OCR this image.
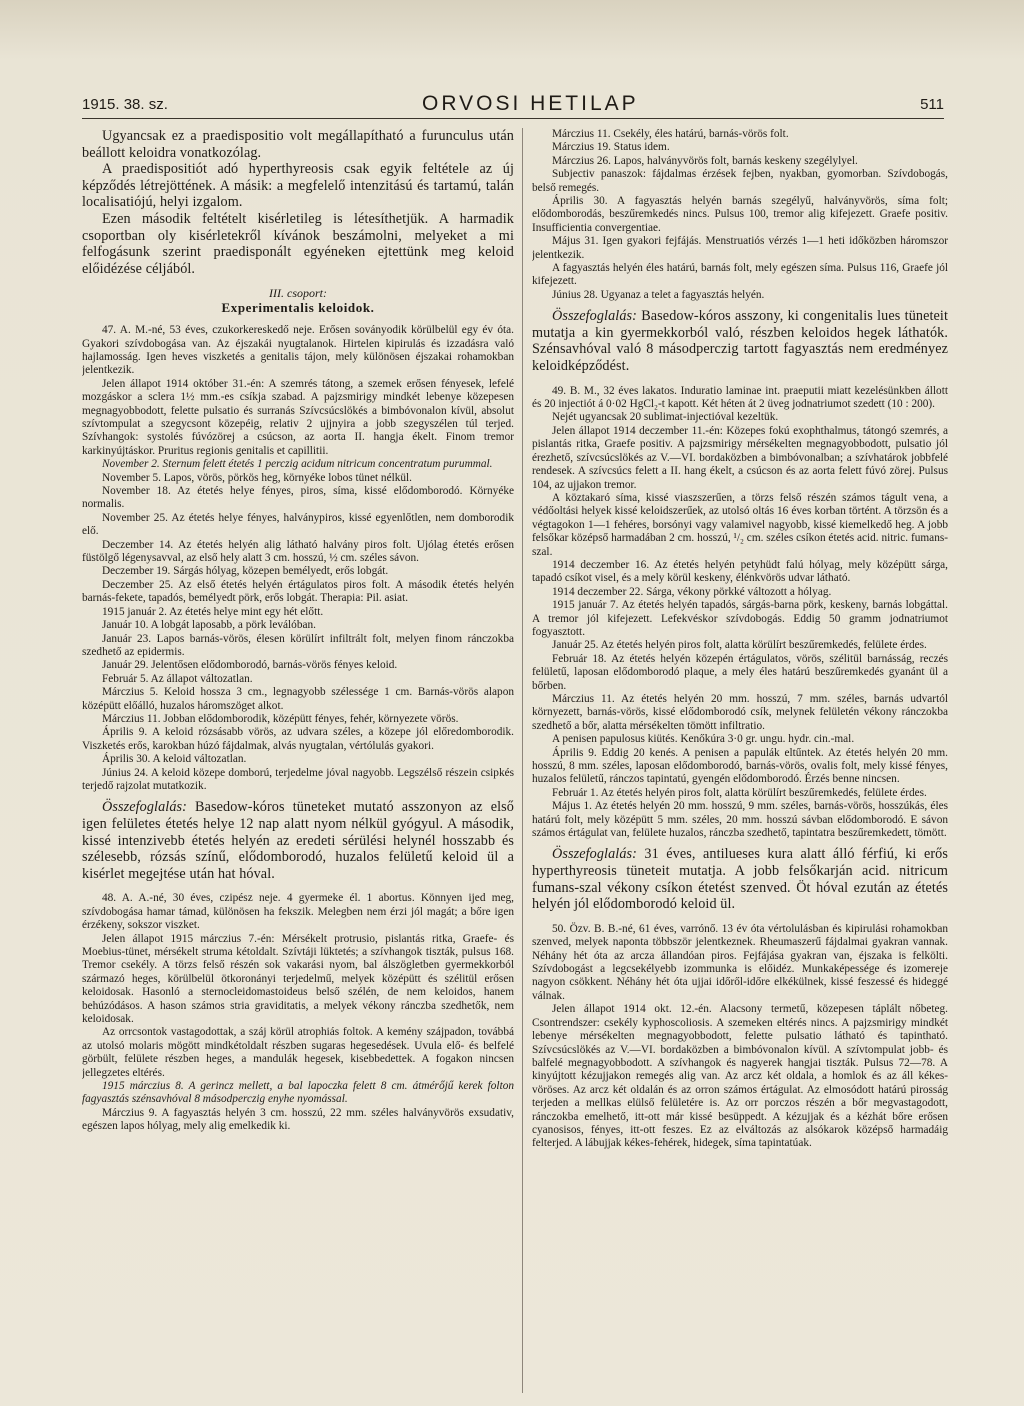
1915. 38. sz.	ORVOSI HETILAP	511

Ugyancsak ez a praedispositio volt megállapítható a furunculus után beállott keloidra vonatkozólag.

A praedispositiót adó hyperthyreosis csak egyik feltétele az új képződés létrejöttének. A másik: a megfelelő intenzitású és tartamú, talán localisatiójú, helyi izgalom.

Ezen második feltételt kisérletileg is létesíthetjük. A harmadik csoportban oly kisérletekről kívánok beszámolni, melyeket a mi felfogásunk szerint praedisponált egyéneken ejtettünk meg keloid előidézése céljából.

III. csoport:

Experimentalis keloidok.

47. A. M.-né, 53 éves, czukorkereskedő neje. Erősen soványodik körülbelül egy év óta. Gyakori szívdobogása van. Az éjszakái nyugtalanok. Hirtelen kipirulás és izzadásra való hajlamosság. Igen heves viszketés a genitalis tájon, mely különösen éjszakai rohamokban jelentkezik.

Jelen állapot 1914 október 31.-én: A szemrés tátong, a szemek erősen fényesek, lefelé mozgáskor a sclera 1½ mm.-es csíkja szabad. A pajzsmirigy mindkét lebenye közepesen megnagyobbodott, felette pulsatio és surranás Szívcsúcslökés a bimbóvonalon kívül, absolut szívtompulat a szegycsont közepéig, relativ 2 ujjnyira a jobb szegyszélen túl terjed. Szívhangok: systolés fúvózörej a csúcson, az aorta II. hangja ékelt. Finom tremor karkinyújtáskor. Pruritus regionis genitalis et capillitii.

November 2. Sternum felett étetés 1 perczig acidum nitricum concentratum purummal.

November 5. Lapos, vörös, pörkös heg, környéke lobos tünet nélkül.

November 18. Az étetés helye fényes, piros, síma, kissé elődomborodó. Környéke normalis.

November 25. Az étetés helye fényes, halványpiros, kissé egyenlőtlen, nem domborodik elő.

Deczember 14. Az étetés helyén alig látható halvány piros folt. Ujólag étetés erősen füstölgő légenysavval, az első hely alatt 3 cm. hosszú, ½ cm. széles sávon.

Deczember 19. Sárgás hólyag, közepen bemélyedt, erős lobgát.

Deczember 25. Az első étetés helyén értágulatos piros folt. A második étetés helyén barnás-fekete, tapadós, bemélyedt pörk, erős lobgát. Therapia: Pil. asiat.

1915 január 2. Az étetés helye mint egy hét előtt.

Január 10. A lobgát laposabb, a pörk leválóban.

Január 23. Lapos barnás-vörös, élesen körülírt infiltrált folt, melyen finom ránczokba szedhető az epidermis.

Január 29. Jelentősen elődomborodó, barnás-vörös fényes keloid.

Február 5. Az állapot változatlan.

Márczius 5. Keloid hossza 3 cm., legnagyobb szélessége 1 cm. Barnás-vörös alapon középütt előálló, huzalos háromszöget alkot.

Márczius 11. Jobban elődomborodik, középütt fényes, fehér, környezete vörös.

Április 9. A keloid rózsásabb vörös, az udvara széles, a közepe jól előredomborodik. Viszketés erős, karokban húzó fájdalmak, alvás nyugtalan, vértólulás gyakori.

Április 30. A keloid változatlan.

Június 24. A keloid közepe domború, terjedelme jóval nagyobb. Legszélső részein csipkés terjedő rajzolat mutatkozik.

Összefoglalás: Basedow-kóros tüneteket mutató asszonyon az első igen felületes étetés helye 12 nap alatt nyom nélkül gyógyul. A második, kissé intenzivebb étetés helyén az eredeti sérülési helynél hosszabb és szélesebb, rózsás színű, elődomborodó, huzalos felületű keloid ül a kisérlet megejtése után hat hóval.

48. A. A.-né, 30 éves, czipész neje. 4 gyermeke él. 1 abortus. Könnyen ijed meg, szívdobogása hamar támad, különösen ha fekszik. Melegben nem érzi jól magát; a bőre igen érzékeny, sokszor viszket.

Jelen állapot 1915 márczius 7.-én: Mérsékelt protrusio, pislantás ritka, Graefe- és Moebius-tünet, mérsékelt struma kétoldalt. Szívtáji lüktetés; a szívhangok tiszták, pulsus 168. Tremor csekély. A törzs felső részén sok vakarási nyom, bal álszögletben gyermekkorból származó heges, körülbelül ötkoronányi terjedelmű, melyek középütt és szélitül erősen keloidosak. Hasonló a sternocleidomastoideus belső szélén, de nem keloidos, hanem behúzódásos. A hason számos stria graviditatis, a melyek vékony ránczba szedhetők, nem keloidosak.

Az orrcsontok vastagodottak, a száj körül atrophiás foltok. A kemény szájpadon, továbbá az utolsó molaris mögött mindkétoldalt részben sugaras hegesedések. Uvula elő- és belfelé görbült, felülete részben heges, a mandulák hegesek, kisebbedettek. A fogakon nincsen jellegzetes eltérés.

1915 márczius 8. A gerincz mellett, a bal lapoczka felett 8 cm. átmérőjű kerek folton fagyasztás szénsavhóval 8 másodperczig enyhe nyomással.

Márczius 9. A fagyasztás helyén 3 cm. hosszú, 22 mm. széles halványvörös exsudativ, egészen lapos hólyag, mely alig emelkedik ki.

Márczius 11. Csekély, éles határú, barnás-vörös folt.

Márczius 19. Status idem.

Márczius 26. Lapos, halványvörös folt, barnás keskeny szegélylyel.

Subjectiv panaszok: fájdalmas érzések fejben, nyakban, gyomorban. Szívdobogás, belső remegés.

Április 30. A fagyasztás helyén barnás szegélyű, halványvörös, síma folt; elődomborodás, beszűremkedés nincs. Pulsus 100, tremor alig kifejezett. Graefe positiv. Insufficientia convergentiae.

Május 31. Igen gyakori fejfájás. Menstruatiós vérzés 1—1 heti időközben háromszor jelentkezik.

A fagyasztás helyén éles határú, barnás folt, mely egészen síma. Pulsus 116, Graefe jól kifejezett.

Június 28. Ugyanaz a telet a fagyasztás helyén.

Összefoglalás: Basedow-kóros asszony, ki congenitalis lues tüneteit mutatja a kin gyermekkorból való, részben keloidos hegek láthatók. Szénsavhóval való 8 másodperczig tartott fagyasztás nem eredményez keloidképződést.

49. B. M., 32 éves lakatos. Induratio laminae int. praeputii miatt kezelésünkben állott és 20 injectiót á 0·02 HgCl₂-t kapott. Két héten át 2 üveg jodnatriumot szedett (10 : 200).

Nejét ugyancsak 20 sublimat-injectióval kezeltük.

Jelen állapot 1914 deczember 11.-én: Közepes fokú exophthalmus, tátongó szemrés, a pislantás ritka, Graefe positiv. A pajzsmirigy mérsékelten megnagyobbodott, pulsatio jól érezhető, szívcsúcslökés az V.—VI. bordaközben a bimbóvonalban; a szívhatárok jobbfelé rendesek. A szívcsúcs felett a II. hang ékelt, a csúcson és az aorta felett fúvó zörej. Pulsus 104, az ujjakon tremor.

A köztakaró síma, kissé viaszszerűen, a törzs felső részén számos tágult vena, a védőoltási helyek kissé keloidszerűek, az utolsó oltás 16 éves korban történt. A törzsön és a végtagokon 1—1 fehéres, borsónyi vagy valamivel nagyobb, kissé kiemelkedő heg. A jobb felsőkar középső harmadában 2 cm. hosszú, ¹/₂ cm. széles csíkon étetés acid. nitric. fumans-szal.

1914 deczember 16. Az étetés helyén petyhüdt falú hólyag, mely középütt sárga, tapadó csíkot visel, és a mely körül keskeny, élénkvörös udvar látható.

1914 deczember 22. Sárga, vékony pörkké változott a hólyag.

1915 január 7. Az étetés helyén tapadós, sárgás-barna pörk, keskeny, barnás lobgáttal. A tremor jól kifejezett. Lefekvéskor szívdobogás. Eddig 50 gramm jodnatriumot fogyasztott.

Január 25. Az étetés helyén piros folt, alatta körülírt beszűremkedés, felülete érdes.

Február 18. Az étetés helyén közepén értágulatos, vörös, szélitül barnásság, reczés felületű, laposan elődomborodó plaque, a mely éles határú beszűremkedés gyanánt ül a bőrben.

Márczius 11. Az étetés helyén 20 mm. hosszú, 7 mm. széles, barnás udvartól környezett, barnás-vörös, kissé elődomborodó csík, melynek felületén vékony ránczokba szedhető a bőr, alatta mérsékelten tömött infiltratio.

A penisen papulosus kiütés. Kenőkúra 3·0 gr. ungu. hydr. cin.-mal.

Április 9. Eddig 20 kenés. A penisen a papulák eltűntek. Az étetés helyén 20 mm. hosszú, 8 mm. széles, laposan elődomborodó, barnás-vörös, ovalis folt, mely kissé fényes, huzalos felületű, ránczos tapintatú, gyengén elődomborodó. Érzés benne nincsen.

Február 1. Az étetés helyén piros folt, alatta körülírt beszűremkedés, felülete érdes.

Május 1. Az étetés helyén 20 mm. hosszú, 9 mm. széles, barnás-vörös, hosszúkás, éles határú folt, mely középütt 5 mm. széles, 20 mm. hosszú sávban elődomborodó. E sávon számos értágulat van, felülete huzalos, ránczba szedhető, tapintatra beszűremkedett, tömött.

Összefoglalás: 31 éves, antilueses kura alatt álló férfiú, ki erős hyperthyreosis tüneteit mutatja. A jobb felsőkarján acid. nitricum fumans-szal vékony csíkon étetést szenved. Öt hóval ezután az étetés helyén jól elődomborodó keloid ül.

50. Özv. B. B.-né, 61 éves, varrónő. 13 év óta vértolulásban és kipirulási rohamokban szenved, melyek naponta többször jelentkeznek. Rheumaszerű fájdalmai gyakran vannak. Néhány hét óta az arcza állandóan piros. Fejfájása gyakran van, éjszaka is felkölti. Szívdobogást a legcsekélyebb izommunka is előidéz. Munkaképessége és izomereje nagyon csökkent. Néhány hét óta ujjai időről-időre elkékülnek, kissé feszessé és hideggé válnak.

Jelen állapot 1914 okt. 12.-én. Alacsony termetű, közepesen táplált nőbeteg. Csontrendszer: csekély kyphoscoliosis. A szemeken eltérés nincs. A pajzsmirigy mindkét lebenye mérsékelten megnagyobbodott, felette pulsatio látható és tapintható. Szívcsúcslökés az V.—VI. bordaközben a bimbóvonalon kívül. A szívtompulat jobb- és balfelé megnagyobbodott. A szívhangok és nagyerek hangjai tiszták. Pulsus 72—78. A kinyújtott kézujjakon remegés alig van. Az arcz két oldala, a homlok és az áll kékes-vöröses. Az arcz két oldalán és az orron számos értágulat. Az elmosódott határú pirosság terjeden a mellkas elülső felületére is. Az orr porczos részén a bőr megvastagodott, ránczokba emelhető, itt-ott már kissé besüppedt. A kézujjak és a kézhát bőre erősen cyanosisos, fényes, itt-ott feszes. Ez az elváltozás az alsókarok középső harmadáig felterjed. A lábujjak kékes-fehérek, hidegek, síma tapintatúak.
